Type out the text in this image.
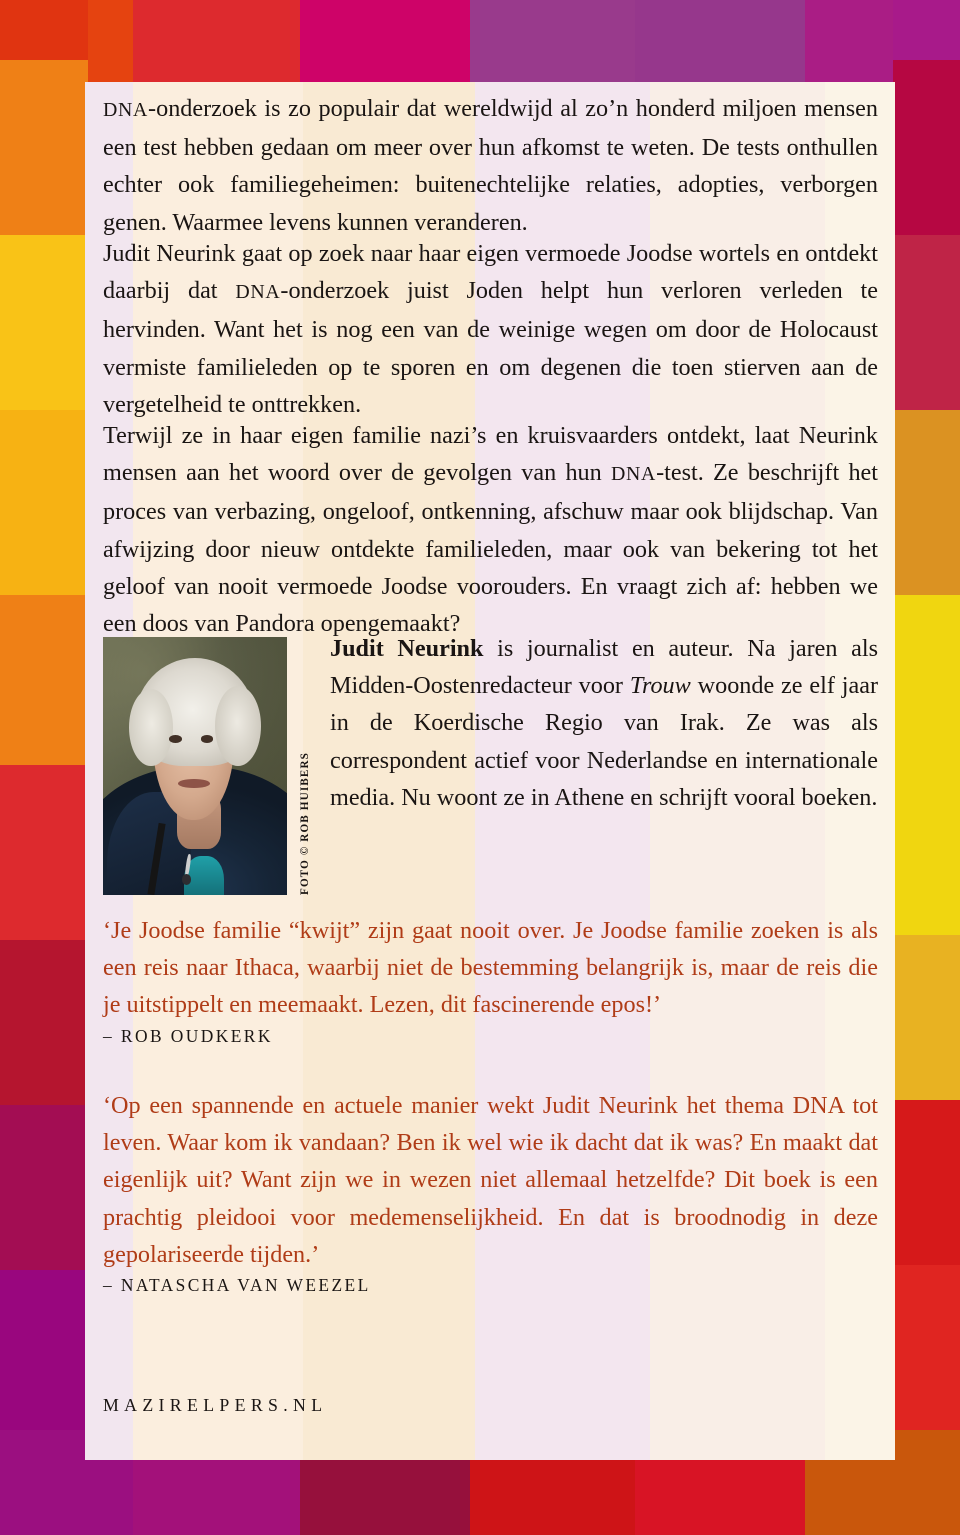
DNA-onderzoek is zo populair dat wereldwijd al zo’n honderd miljoen mensen een test hebben gedaan om meer over hun afkomst te weten. De tests onthullen echter ook familiegeheimen: buitenechtelijke relaties, adopties, verborgen genen. Waarmee levens kunnen veranderen.

Judit Neurink gaat op zoek naar haar eigen vermoede Joodse wortels en ontdekt daarbij dat DNA-onderzoek juist Joden helpt hun verloren verleden te hervinden. Want het is nog een van de weinige wegen om door de Holocaust vermiste familieleden op te sporen en om degenen die toen stierven aan de vergetelheid te onttrekken.

Terwijl ze in haar eigen familie nazi’s en kruisvaarders ontdekt, laat Neurink mensen aan het woord over de gevolgen van hun DNA-test. Ze beschrijft het proces van verbazing, ongeloof, ontkenning, afschuw maar ook blijdschap. Van afwijzing door nieuw ontdekte familieleden, maar ook van bekering tot het geloof van nooit vermoede Joodse voorouders. En vraagt zich af: hebben we een doos van Pandora opengemaakt?

FOTO © ROB HUIBERS
Judit Neurink is journalist en auteur. Na jaren als Midden-Oostenredacteur voor Trouw woonde ze elf jaar in de Koerdische Regio van Irak. Ze was als correspondent actief voor Nederlandse en internationale media. Nu woont ze in Athene en schrijft vooral boeken.

‘Je Joodse familie “kwijt” zijn gaat nooit over. Je Joodse familie zoeken is als een reis naar Ithaca, waarbij niet de bestemming belangrijk is, maar de reis die je uitstippelt en meemaakt. Lezen, dit fascinerende epos!’

– ROB OUDKERK

‘Op een spannende en actuele manier wekt Judit Neurink het thema DNA tot leven. Waar kom ik vandaan? Ben ik wel wie ik dacht dat ik was? En maakt dat eigenlijk uit? Want zijn we in wezen niet allemaal hetzelfde? Dit boek is een prachtig pleidooi voor medemenselijkheid. En dat is broodnodig in deze gepolariseerde tijden.’

– NATASCHA VAN WEEZEL
MAZIRELPERS.NL
